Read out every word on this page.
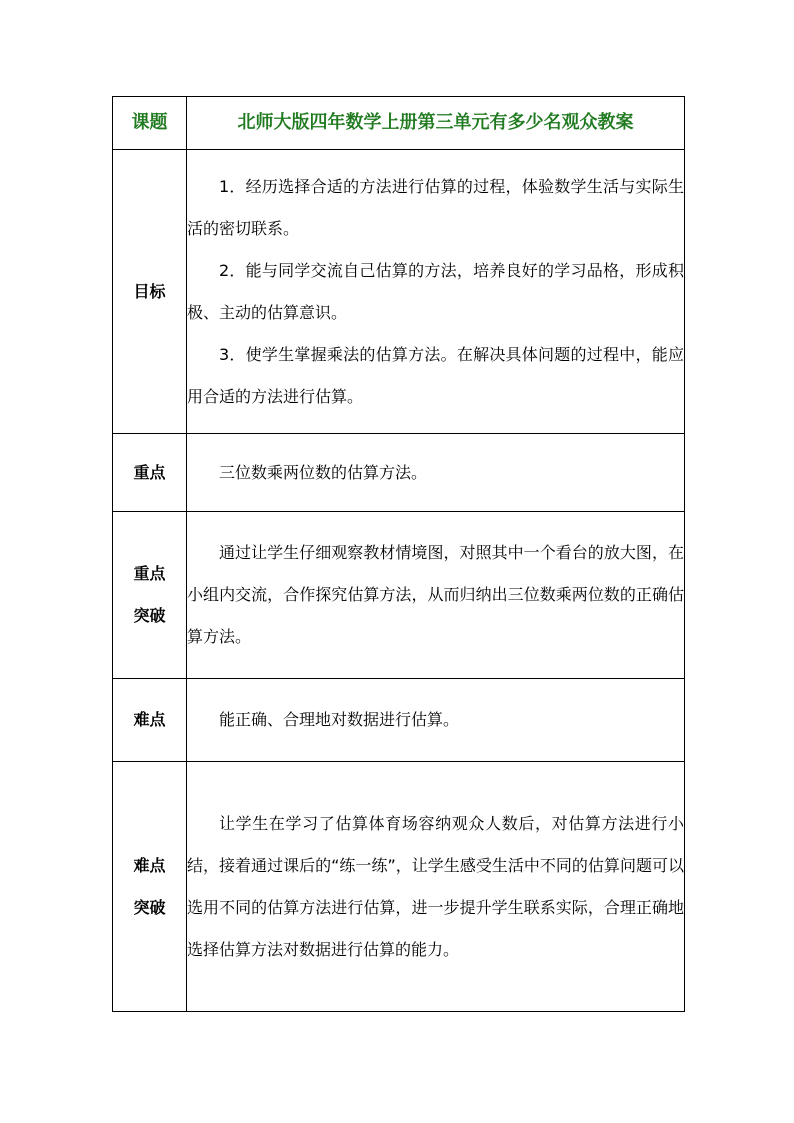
课题	北师大版四年数学上册第三单元有多少名观众教案
目标	1．经历选择合适的方法进行估算的过程，体验数学生活与实际生活的密切联系。

2．能与同学交流自己估算的方法，培养良好的学习品格，形成积极、主动的估算意识。

3．使学生掌握乘法的估算方法。在解决具体问题的过程中，能应用合适的方法进行估算。

重点	三位数乘两位数的估算方法。

重点
突破	通过让学生仔细观察教材情境图，对照其中一个看台的放大图，在小组内交流，合作探究估算方法，从而归纳出三位数乘两位数的正确估算方法。

难点	能正确、合理地对数据进行估算。

难点
突破	让学生在学习了估算体育场容纳观众人数后，对估算方法进行小结，接着通过课后的“练一练”，让学生感受生活中不同的估算问题可以选用不同的估算方法进行估算，进一步提升学生联系实际，合理正确地选择估算方法对数据进行估算的能力。
